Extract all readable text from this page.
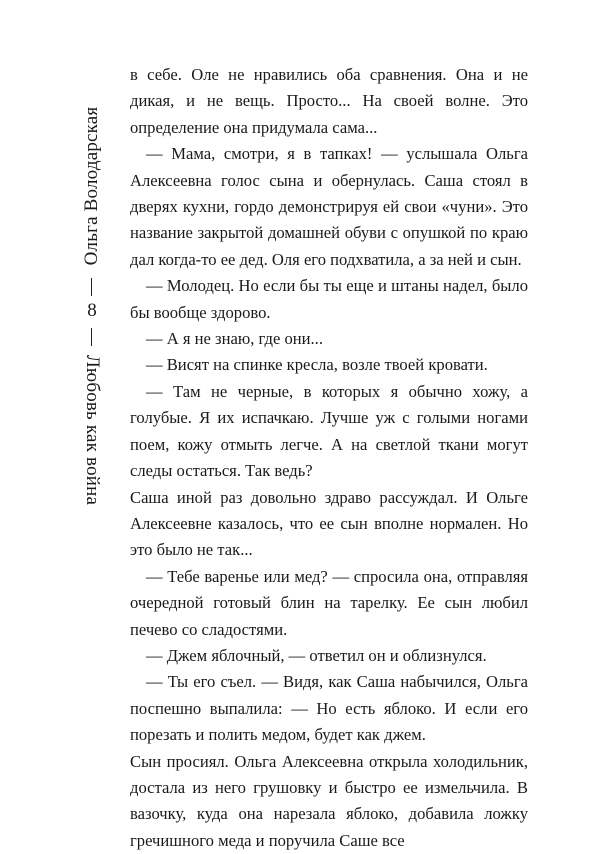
Ольга Володарская
8
Любовь как война

в себе. Оле не нравились оба сравнения. Она и не дикая, и не вещь. Просто... На своей волне. Это определение она придумала сама...

— Мама, смотри, я в тапках! — услышала Ольга Алексеевна голос сына и обернулась. Саша стоял в дверях кухни, гордо демонстрируя ей свои «чуни». Это название закрытой домашней обуви с опушкой по краю дал когда-то ее дед. Оля его подхватила, а за ней и сын.

— Молодец. Но если бы ты еще и штаны надел, было бы вообще здорово.

— А я не знаю, где они...

— Висят на спинке кресла, возле твоей кровати.

— Там не черные, в которых я обычно хожу, а голубые. Я их испачкаю. Лучше уж с голыми ногами поем, кожу отмыть легче. А на светлой ткани могут следы остаться. Так ведь?

Саша иной раз довольно здраво рассуждал. И Ольге Алексеевне казалось, что ее сын вполне нормален. Но это было не так...

— Тебе варенье или мед? — спросила она, отправляя очередной готовый блин на тарелку. Ее сын любил печево со сладостями.

— Джем яблочный, — ответил он и облизнулся.

— Ты его съел. — Видя, как Саша набычился, Ольга поспешно выпалила: — Но есть яблоко. И если его порезать и полить медом, будет как джем.

Сын просиял. Ольга Алексеевна открыла холодильник, достала из него грушовку и быстро ее измельчила. В вазочку, куда она нарезала яблоко, добавила ложку гречишного меда и поручила Саше все
